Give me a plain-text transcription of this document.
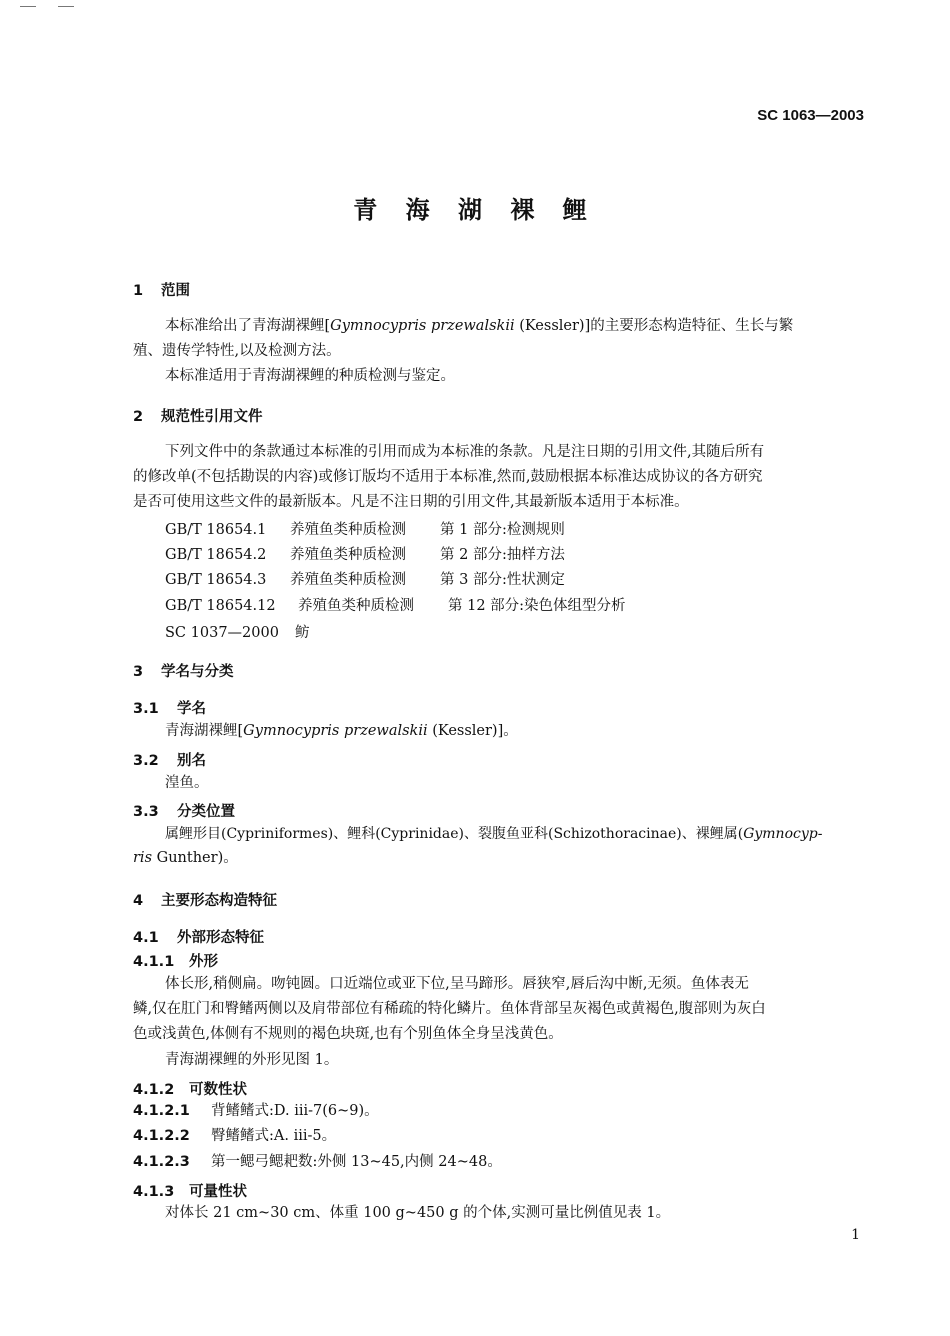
SC 1063—2003
青 海 湖 裸 鲤
1 范围
本标准给出了青海湖裸鲤[Gymnocypris przewalskii (Kessler)]的主要形态构造特征、生长与繁
殖、遗传学特性,以及检测方法。
本标准适用于青海湖裸鲤的种质检测与鉴定。
2 规范性引用文件
下列文件中的条款通过本标准的引用而成为本标准的条款。凡是注日期的引用文件,其随后所有
的修改单(不包括勘误的内容)或修订版均不适用于本标准,然而,鼓励根据本标准达成协议的各方研究
是否可使用这些文件的最新版本。凡是不注日期的引用文件,其最新版本适用于本标准。
GB/T 18654.1 养殖鱼类种质检测 第 1 部分:检测规则
GB/T 18654.2 养殖鱼类种质检测 第 2 部分:抽样方法
GB/T 18654.3 养殖鱼类种质检测 第 3 部分:性状测定
GB/T 18654.12 养殖鱼类种质检测 第 12 部分:染色体组型分析
SC 1037—2000 鲂
3 学名与分类
3.1 学名
青海湖裸鲤[Gymnocypris przewalskii (Kessler)]。
3.2 别名
湟鱼。
3.3 分类位置
属鲤形目(Cypriniformes)、鲤科(Cyprinidae)、裂腹鱼亚科(Schizothoracinae)、裸鲤属(Gymnocyp-
ris Gunther)。
4 主要形态构造特征
4.1 外部形态特征
4.1.1 外形
体长形,稍侧扁。吻钝圆。口近端位或亚下位,呈马蹄形。唇狭窄,唇后沟中断,无须。鱼体表无
鳞,仅在肛门和臀鳍两侧以及肩带部位有稀疏的特化鳞片。鱼体背部呈灰褐色或黄褐色,腹部则为灰白
色或浅黄色,体侧有不规则的褐色块斑,也有个别鱼体全身呈浅黄色。
青海湖裸鲤的外形见图 1。
4.1.2 可数性状
4.1.2.1 背鳍鳍式:D. iii-7(6~9)。
4.1.2.2 臀鳍鳍式:A. iii-5。
4.1.2.3 第一鳃弓鳃耙数:外侧 13~45,内侧 24~48。
4.1.3 可量性状
对体长 21 cm~30 cm、体重 100 g~450 g 的个体,实测可量比例值见表 1。
1
